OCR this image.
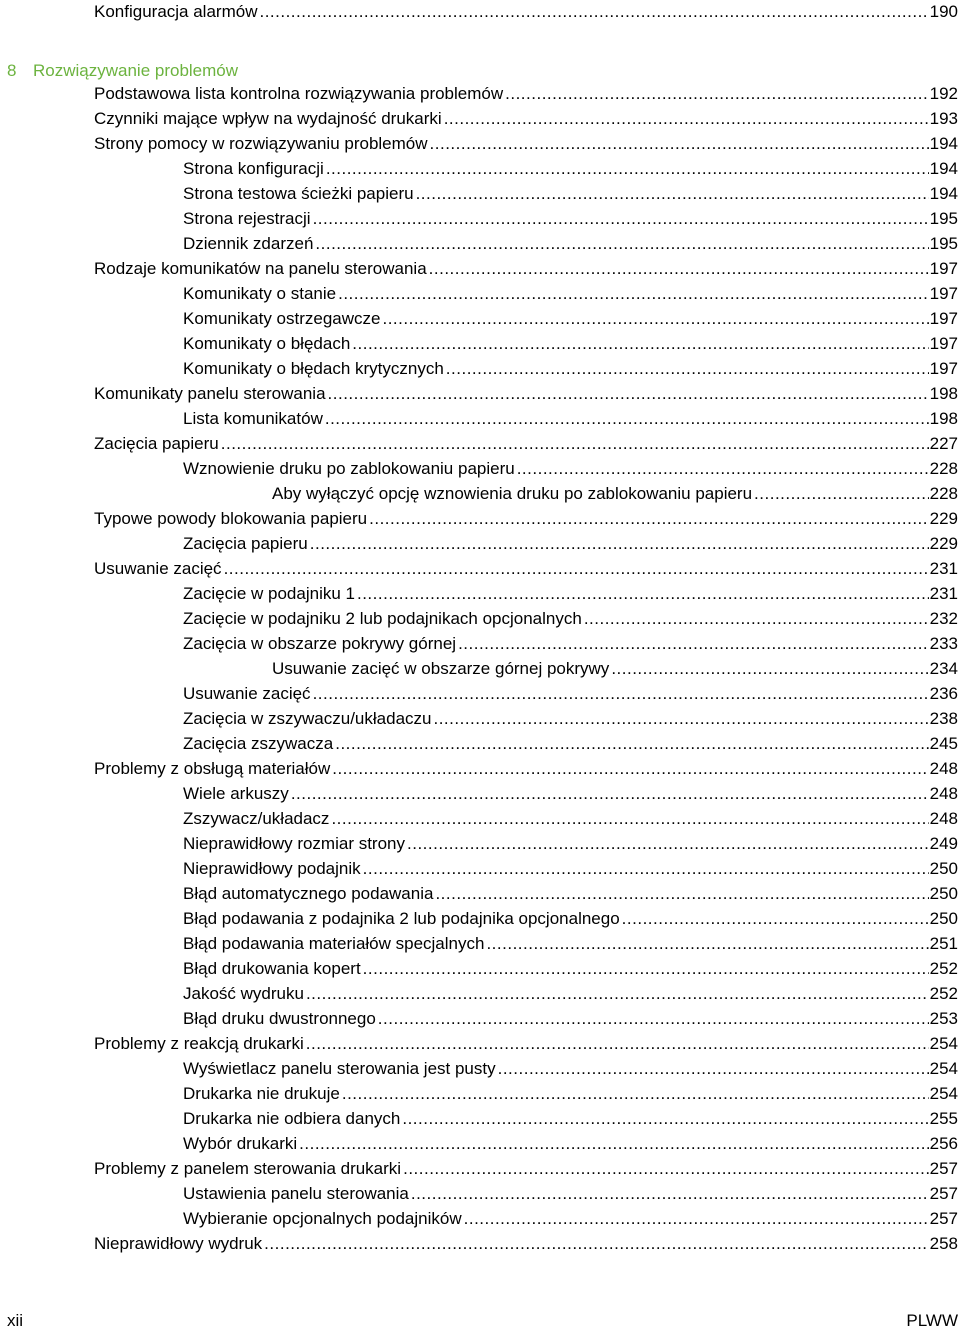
8 Rozwiązywanie problemów
Konfiguracja alarmów .....	190
Podstawowa lista kontrolna rozwiązywania problemów .....	192
Czynniki mające wpływ na wydajność drukarki .....	193
Strony pomocy w rozwiązywaniu problemów .....	194
Strona konfiguracji .....	194
Strona testowa ścieżki papieru .....	194
Strona rejestracji .....	195
Dziennik zdarzeń .....	195
Rodzaje komunikatów na panelu sterowania .....	197
Komunikaty o stanie .....	197
Komunikaty ostrzegawcze .....	197
Komunikaty o błędach .....	197
Komunikaty o błędach krytycznych .....	197
Komunikaty panelu sterowania .....	198
Lista komunikatów .....	198
Zacięcia papieru .....	227
Wznowienie druku po zablokowaniu papieru .....	228
Aby wyłączyć opcję wznowienia druku po zablokowaniu papieru .....	228
Typowe powody blokowania papieru .....	229
Zacięcia papieru .....	229
Usuwanie zacięć .....	231
Zacięcie w podajniku 1 .....	231
Zacięcie w podajniku 2 lub podajnikach opcjonalnych .....	232
Zacięcia w obszarze pokrywy górnej .....	233
Usuwanie zacięć w obszarze górnej pokrywy .....	234
Usuwanie zacięć .....	236
Zacięcia w zszywaczu/układaczu .....	238
Zacięcia zszywacza .....	245
Problemy z obsługą materiałów .....	248
Wiele arkuszy .....	248
Zszywacz/układacz .....	248
Nieprawidłowy rozmiar strony .....	249
Nieprawidłowy podajnik .....	250
Błąd automatycznego podawania .....	250
Błąd podawania z podajnika 2 lub podajnika opcjonalnego .....	250
Błąd podawania materiałów specjalnych .....	251
Błąd drukowania kopert .....	252
Jakość wydruku .....	252
Błąd druku dwustronnego .....	253
Problemy z reakcją drukarki .....	254
Wyświetlacz panelu sterowania jest pusty .....	254
Drukarka nie drukuje .....	254
Drukarka nie odbiera danych .....	255
Wybór drukarki .....	256
Problemy z panelem sterowania drukarki .....	257
Ustawienia panelu sterowania .....	257
Wybieranie opcjonalnych podajników .....	257
Nieprawidłowy wydruk .....	258
xii	PLWW
